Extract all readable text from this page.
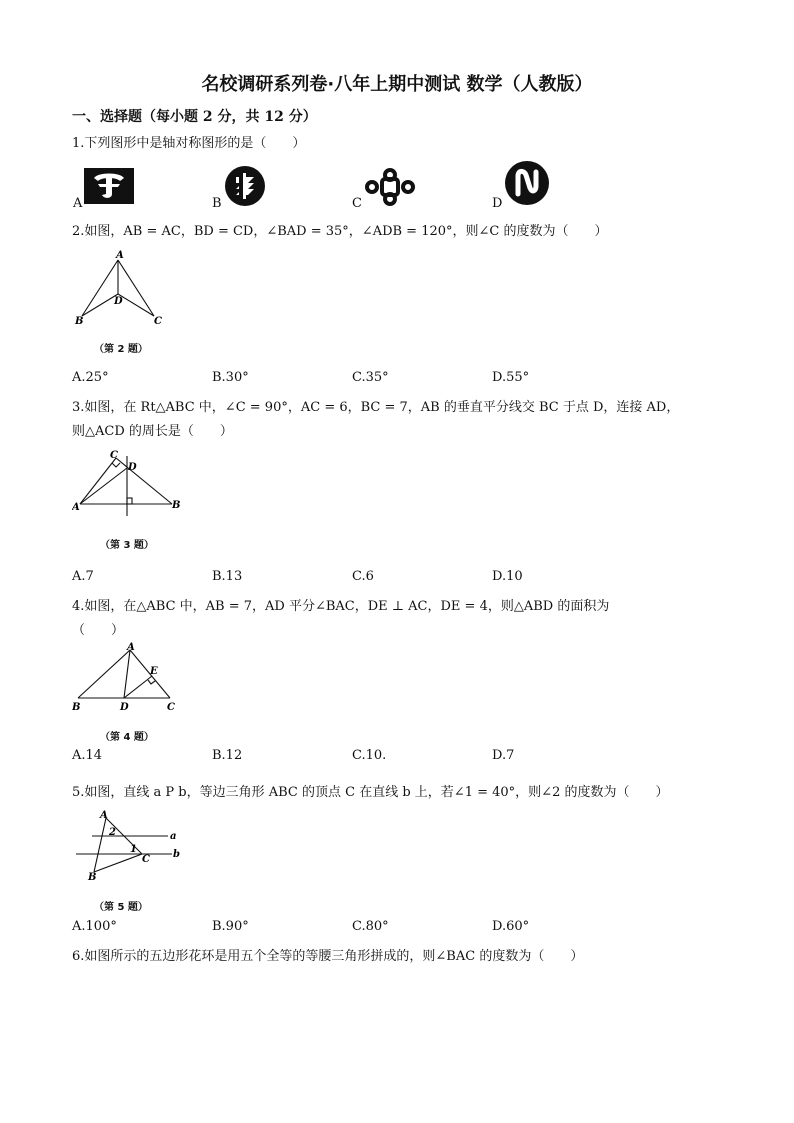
名校调研系列卷·八年上期中测试 数学（人教版）
一、选择题（每小题 2 分，共 12 分）
1.下列图形中是轴对称图形的是（　　）
A	B	C	D
2.如图，AB = AC，BD = CD，∠BAD = 35°，∠ADB = 120°，则∠C 的度数为（　　）
A
D
B	C
（第 2 题）
A.25°	B.30°	C.35°	D.55°
3.如图，在 Rt△ABC 中，∠C = 90°，AC = 6，BC = 7，AB 的垂直平分线交 BC 于点 D，连接 AD，
则△ACD 的周长是（　　）
C
D
A	B
（第 3 题）
A.7	B.13	C.6	D.10
4.如图，在△ABC 中，AB = 7，AD 平分∠BAC，DE ⊥ AC，DE = 4，则△ABD 的面积为
（　　）
A
E
B	D	C
（第 4 题）
A.14	B.12	C.10.	D.7
5.如图，直线 a P b，等边三角形 ABC 的顶点 C 在直线 b 上，若∠1 = 40°，则∠2 的度数为（　　）
A
2	a
1
C b
B
（第 5 题）
A.100°	B.90°	C.80°	D.60°
6.如图所示的五边形花环是用五个全等的等腰三角形拼成的，则∠BAC 的度数为（　　）
